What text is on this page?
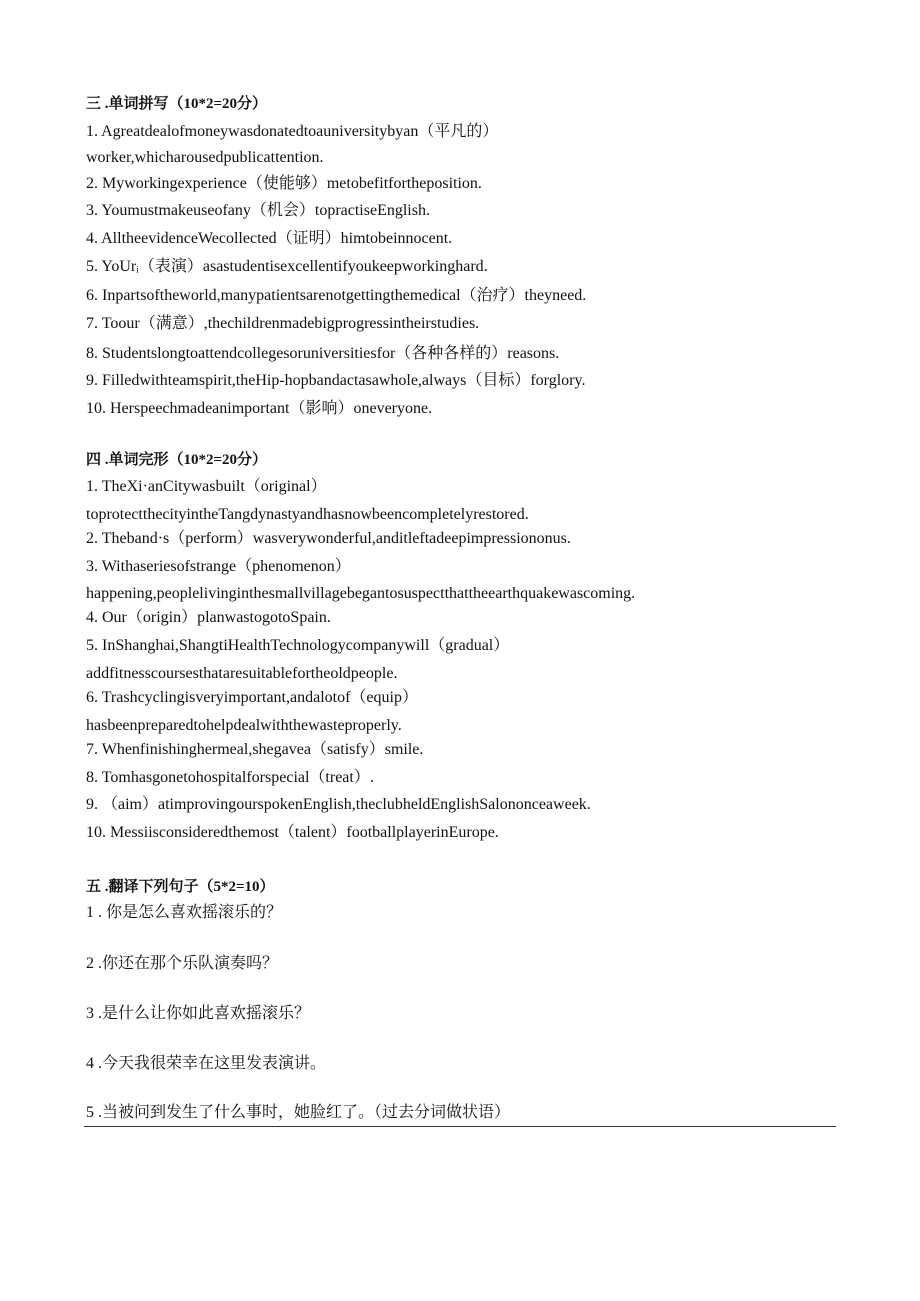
三 .单词拼写（10*2=20分）
1. Agreatdealofmoneywasdonatedtoauniversitybyan（平凡的）
worker,whicharousedpublicattention.
2. Myworkingexperience（使能够）metobefitfortheposition.
3. Youmustmakeuseofany（机会）topractiseEnglish.
4. AlltheevidenceWecollected（证明）himtobeinnocent.
5. YoUrᵢ（表演）asastudentisexcellentifyoukeepworkinghard.
6. Inpartsoftheworld,manypatientsarenotgettingthemedical（治疗）theyneed.
7. Toour（满意）,thechildrenmadebigprogressintheirstudies.
8. Studentslongtoattendcollegesoruniversitiesfor（各种各样的）reasons.
9. Filledwithteamspirit,theHip-hopbandactasawhole,always（目标）forglory.
10. Herspeechmadeanimportant（影响）oneveryone.
四 .单词完形（10*2=20分）
1. TheXi·anCitywasbuilt（original）
toprotectthecityintheTangdynastyandhasnowbeencompletelyrestored.
2. Theband·s（perform）wasverywonderful,anditleftadeepimpressiononus.
3. Withaseriesofstrange（phenomenon）
happening,peoplelivinginthesmallvillagebegantosuspectthattheearthquakewascoming.
4. Our（origin）planwastogotoSpain.
5. InShanghai,ShangtiHealthTechnologycompanywill（gradual）
addfitnesscoursesthataresuitablefortheoldpeople.
6. Trashcyclingisveryimportant,andalotof（equip）
hasbeenpreparedtohelpdealwiththewasteproperly.
7. Whenfinishinghermeal,shegavea（satisfy）smile.
8. Tomhasgonetohospitalforspecial（treat）.
9. （aim）atimprovingourspokenEnglish,theclubheldEnglishSalononceaweek.
10. Messiisconsideredthemost（talent）footballplayerinEurope.
五 .翻译下列句子（5*2=10）
1 . 你是怎么喜欢摇滚乐的？
2 .你还在那个乐队演奏吗？
3 .是什么让你如此喜欢摇滚乐？
4 .今天我很荣幸在这里发表演讲。
5 .当被问到发生了什么事时，她脸红了。（过去分词做状语）
